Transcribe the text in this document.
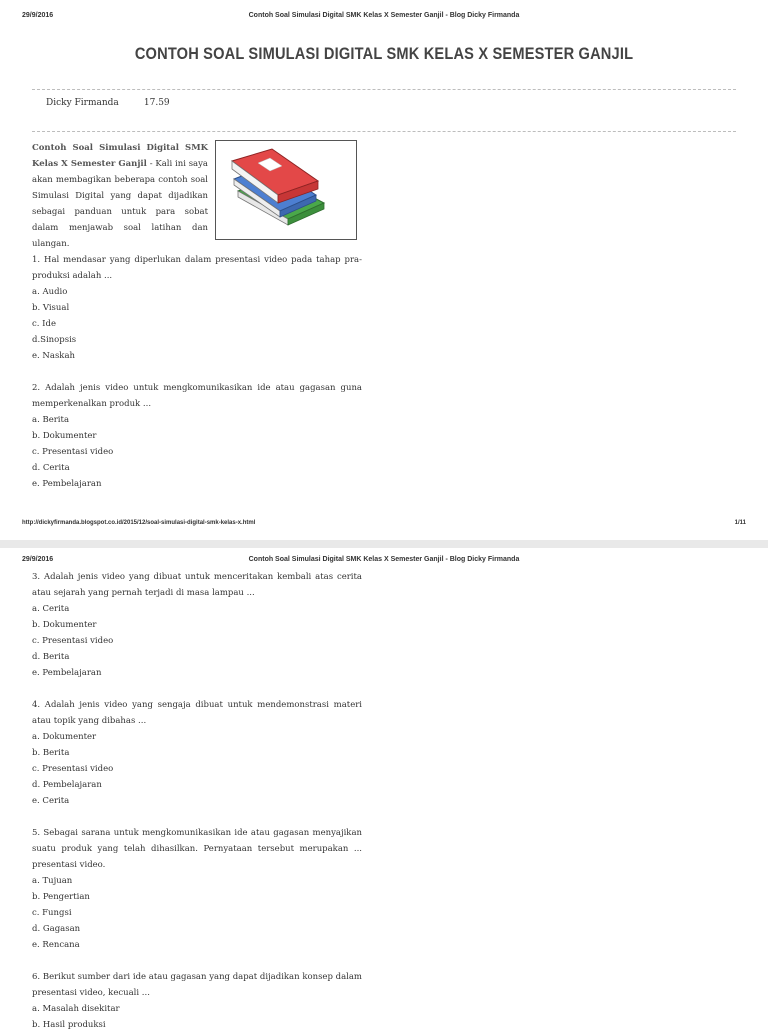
29/9/2016	Contoh Soal Simulasi Digital SMK Kelas X Semester Ganjil - Blog Dicky Firmanda
CONTOH SOAL SIMULASI DIGITAL SMK KELAS X SEMESTER GANJIL
Dicky Firmanda	17.59
Contoh Soal Simulasi Digital SMK Kelas X Semester Ganjil - Kali ini saya akan membagikan beberapa contoh soal Simulasi Digital yang dapat dijadikan sebagai panduan untuk para sobat dalam menjawab soal latihan dan ulangan.

1. Hal mendasar yang diperlukan dalam presentasi video pada tahap pra-produksi adalah ...

a. Audio

b. Visual

c. Ide

d.Sinopsis

e. Naskah

2. Adalah jenis video untuk mengkomunikasikan ide atau gagasan guna memperkenalkan produk ...

a. Berita

b. Dokumenter

c. Presentasi video

d. Cerita

e. Pembelajaran

http://dickyfirmanda.blogspot.co.id/2015/12/soal-simulasi-digital-smk-kelas-x.html	1/11
29/9/2016	Contoh Soal Simulasi Digital SMK Kelas X Semester Ganjil - Blog Dicky Firmanda

3. Adalah jenis video yang dibuat untuk menceritakan kembali atas cerita atau sejarah yang pernah terjadi di masa lampau ...

a. Cerita

b. Dokumenter

c. Presentasi video

d. Berita

e. Pembelajaran

4. Adalah jenis video yang sengaja dibuat untuk mendemonstrasi materi atau topik yang dibahas ...

a. Dokumenter

b. Berita

c. Presentasi video

d. Pembelajaran

e. Cerita

5. Sebagai sarana untuk mengkomunikasikan ide atau gagasan menyajikan suatu produk yang telah dihasilkan. Pernyataan tersebut merupakan ... presentasi video.

a. Tujuan

b. Pengertian

c. Fungsi

d. Gagasan

e. Rencana

6. Berikut sumber dari ide atau gagasan yang dapat dijadikan konsep dalam presentasi video, kecuali ...

a. Masalah disekitar

b. Hasil produksi
